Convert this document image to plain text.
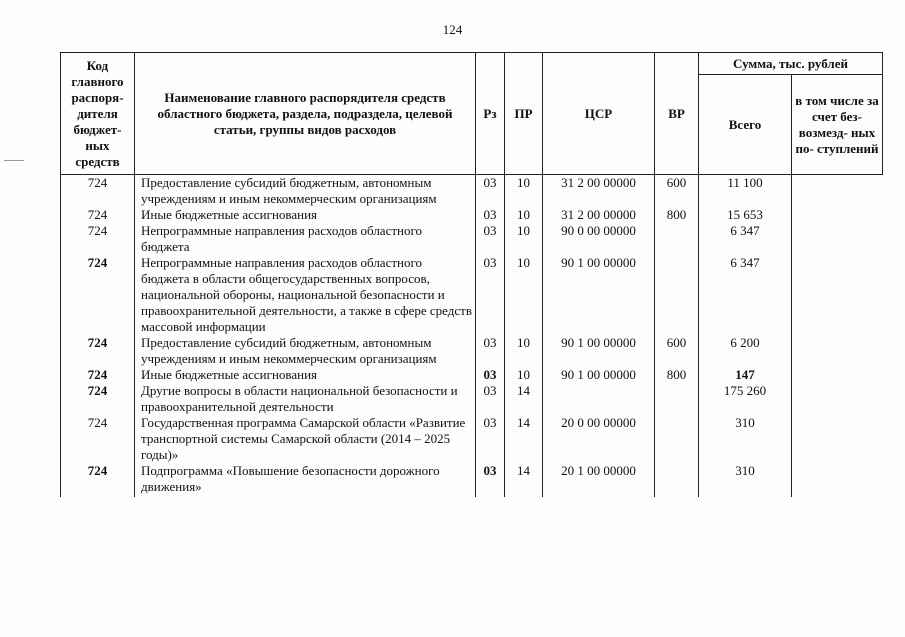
124
Код главного распоря- дителя бюджет- ных средств	Наименование главного распорядителя средств областного бюджета, раздела, подраздела, целевой статьи, группы видов расходов	Рз	ПР	ЦСР	ВР	Сумма, тыс. рублей	
						Всего	в том числе за счет без- возмезд- ных по- ступлений
724	Предоставление субсидий бюджетным, автономным учреждениям и иным некоммерческим организациям	03	10	31 2 00 00000	600	11 100	
724	Иные бюджетные ассигнования	03	10	31 2 00 00000	800	15 653	
724	Непрограммные направления расходов областного бюджета	03	10	90 0 00 00000		6 347	
724	Непрограммные направления расходов областного бюджета в области общегосударственных вопросов, национальной обороны, национальной безопасности и правоохранительной деятельности, а также в сфере средств массовой информации	03	10	90 1 00 00000		6 347	
724	Предоставление субсидий бюджетным, автономным учреждениям и иным некоммерческим организациям	03	10	90 1 00 00000	600	6 200	
724	Иные бюджетные ассигнования	03	10	90 1 00 00000	800	147	
724	Другие вопросы в области национальной безопасности и правоохранительной деятельности	03	14			175 260	
724	Государственная программа Самарской области «Развитие транспортной системы Самарской области (2014 – 2025 годы)»	03	14	20 0 00 00000		310	
724	Подпрограмма «Повышение безопасности дорожного движения»	03	14	20 1 00 00000		310	
